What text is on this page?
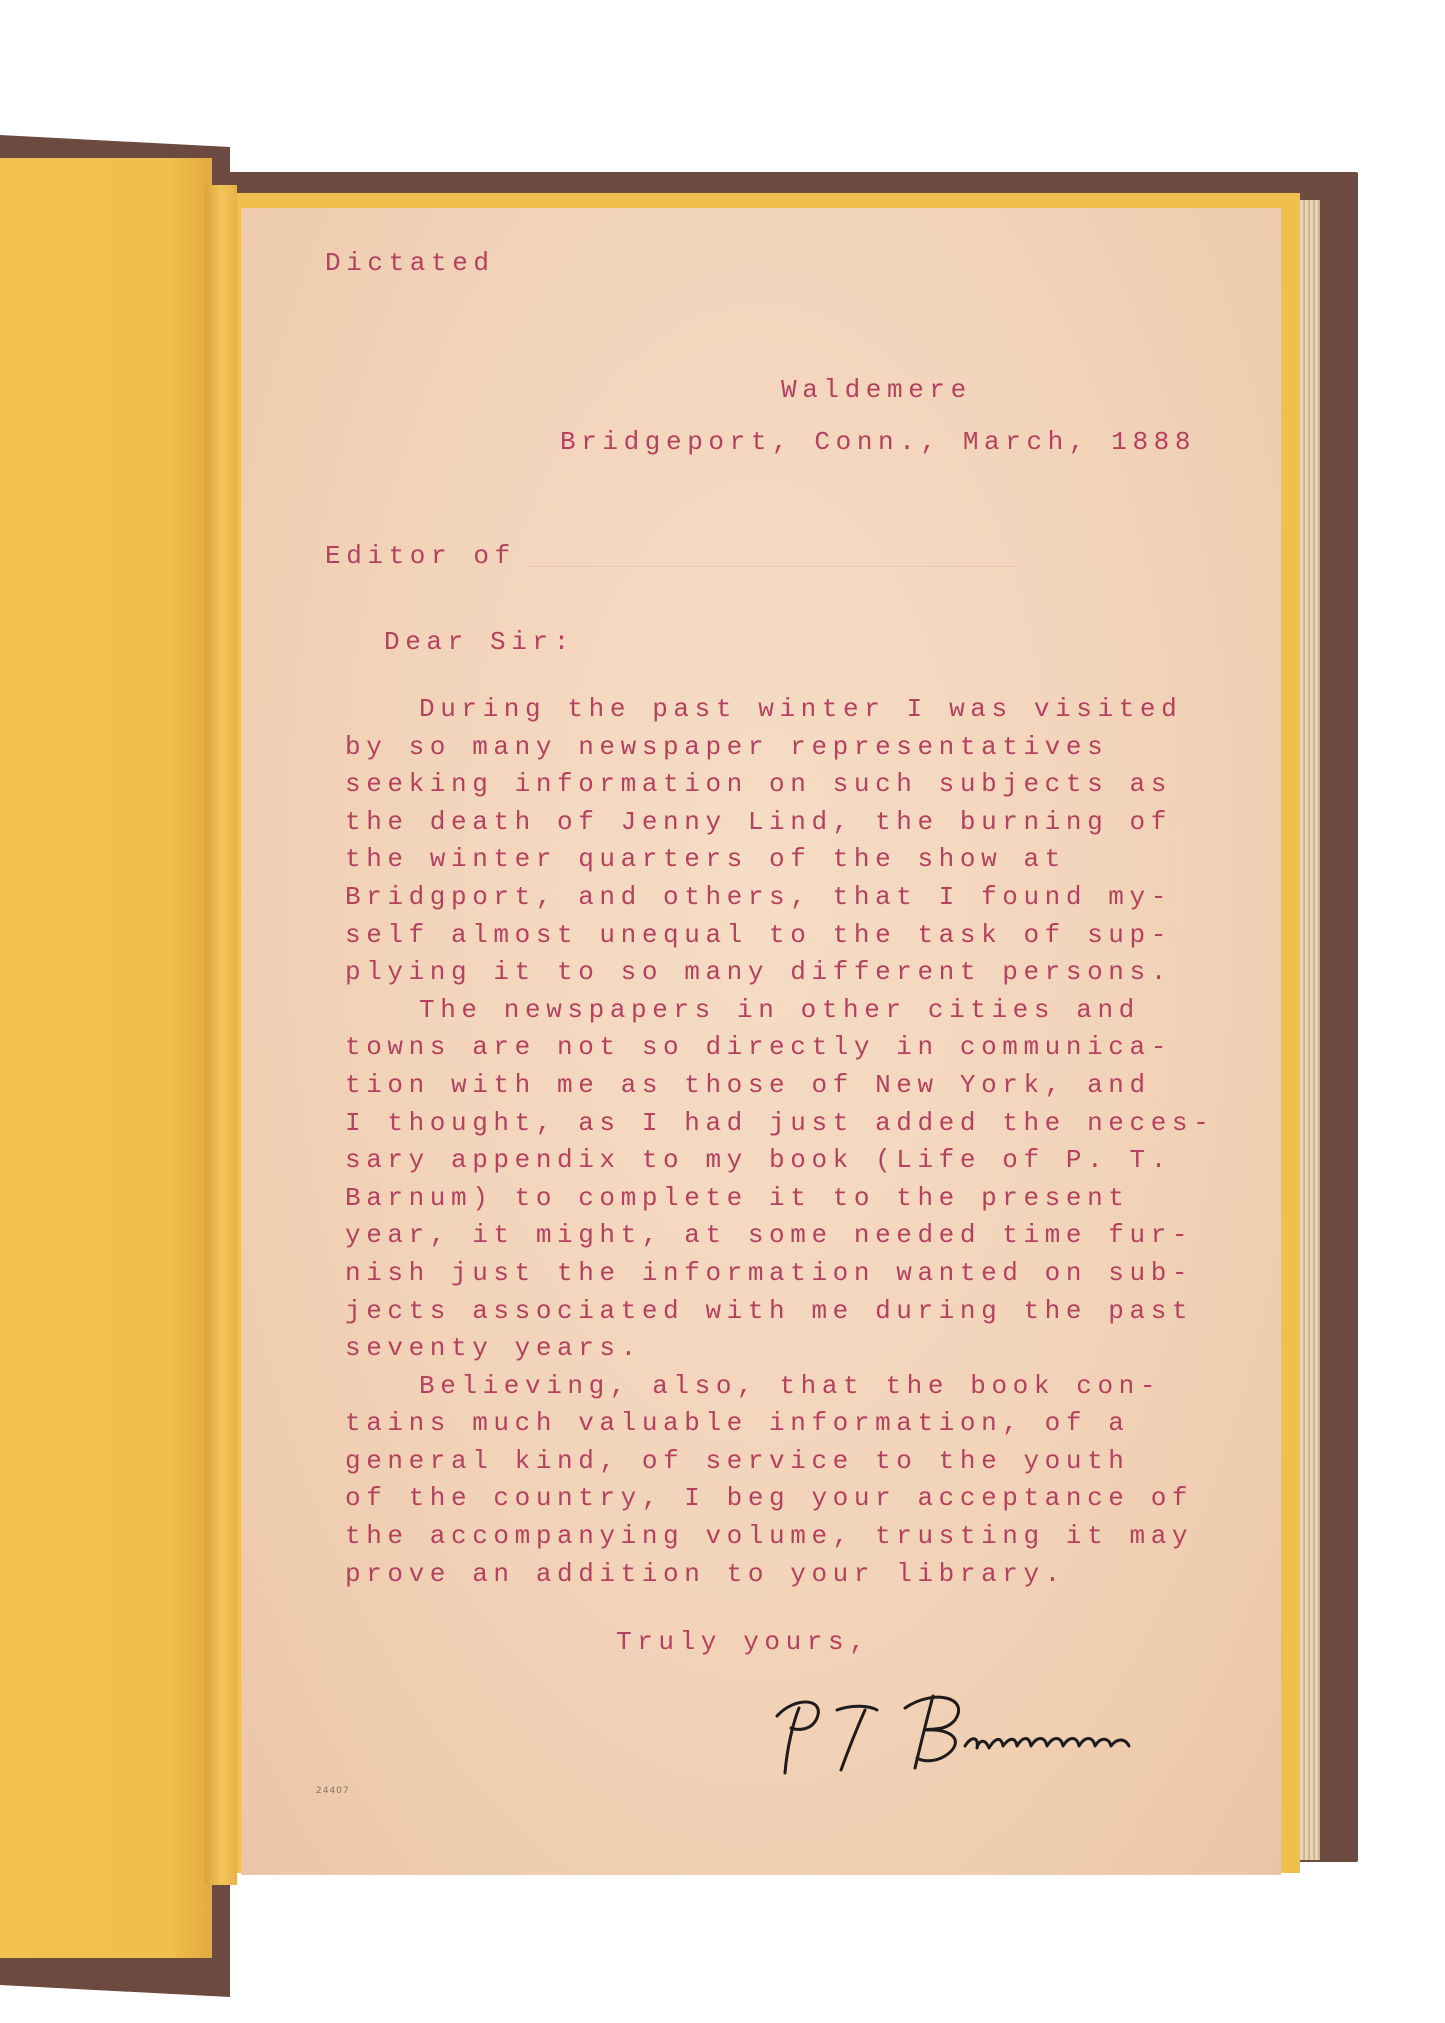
Dictated
Waldemere
Bridgeport, Conn., March, 1888
Editor of
Dear Sir:
During the past winter I was visited
by so many newspaper representatives
seeking information on such subjects as
the death of Jenny Lind, the burning of
the winter quarters of the show at
Bridgport, and others, that I found my-
self almost unequal to the task of sup-
plying it to so many different persons.
The newspapers in other cities and
towns are not so directly in communica-
tion with me as those of New York, and
I thought, as I had just added the neces-
sary appendix to my book (Life of P. T.
Barnum) to complete it to the present
year, it might, at some needed time fur-
nish just the information wanted on sub-
jects associated with me during the past
seventy years.
Believing, also, that the book con-
tains much valuable information, of a
general kind, of service to the youth
of the country, I beg your acceptance of
the accompanying volume, trusting it may
prove an addition to your library.
Truly yours,
24407
